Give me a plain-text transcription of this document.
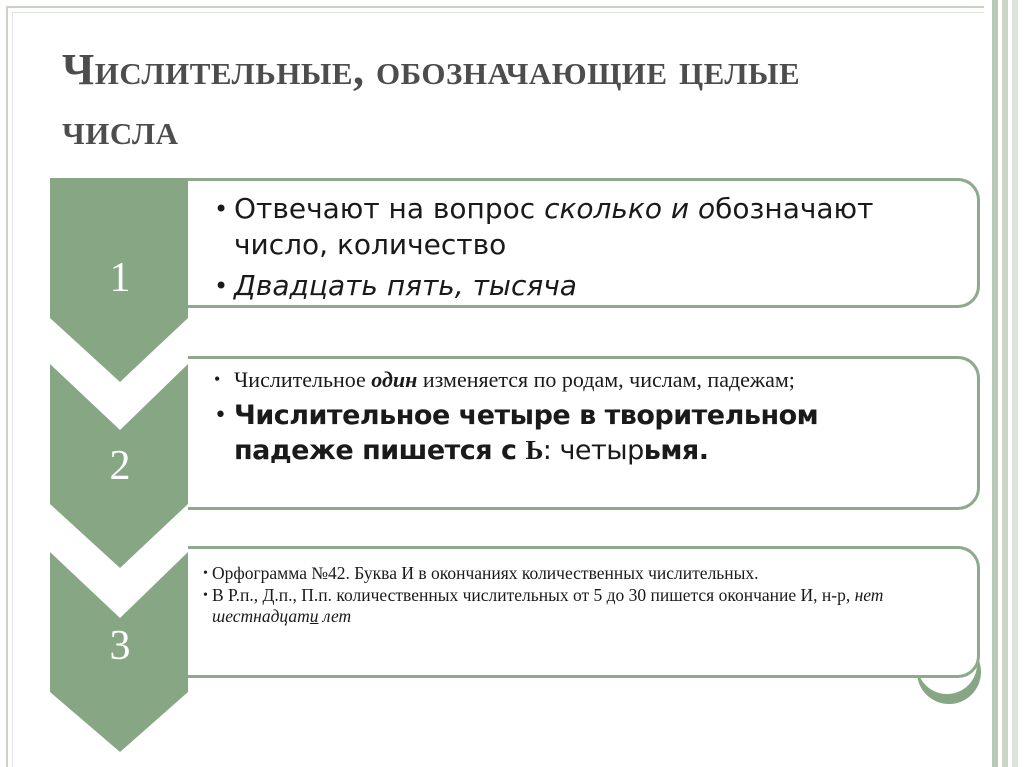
Числительные, обозначающие целые числа
1
2
3
• Отвечают на вопрос сколько и обозначают число, количество
• Двадцать пять, тысяча
• Числительное один изменяется по родам, числам, падежам;
• Числительное четыре в творительном падеже пишется с Ь: четырьмя.
• Орфограмма №42. Буква И в окончаниях количественных числительных.
• В Р.п., Д.п., П.п. количественных числительных от 5 до 30 пишется окончание И, н-р, нет шестнадцати лет
